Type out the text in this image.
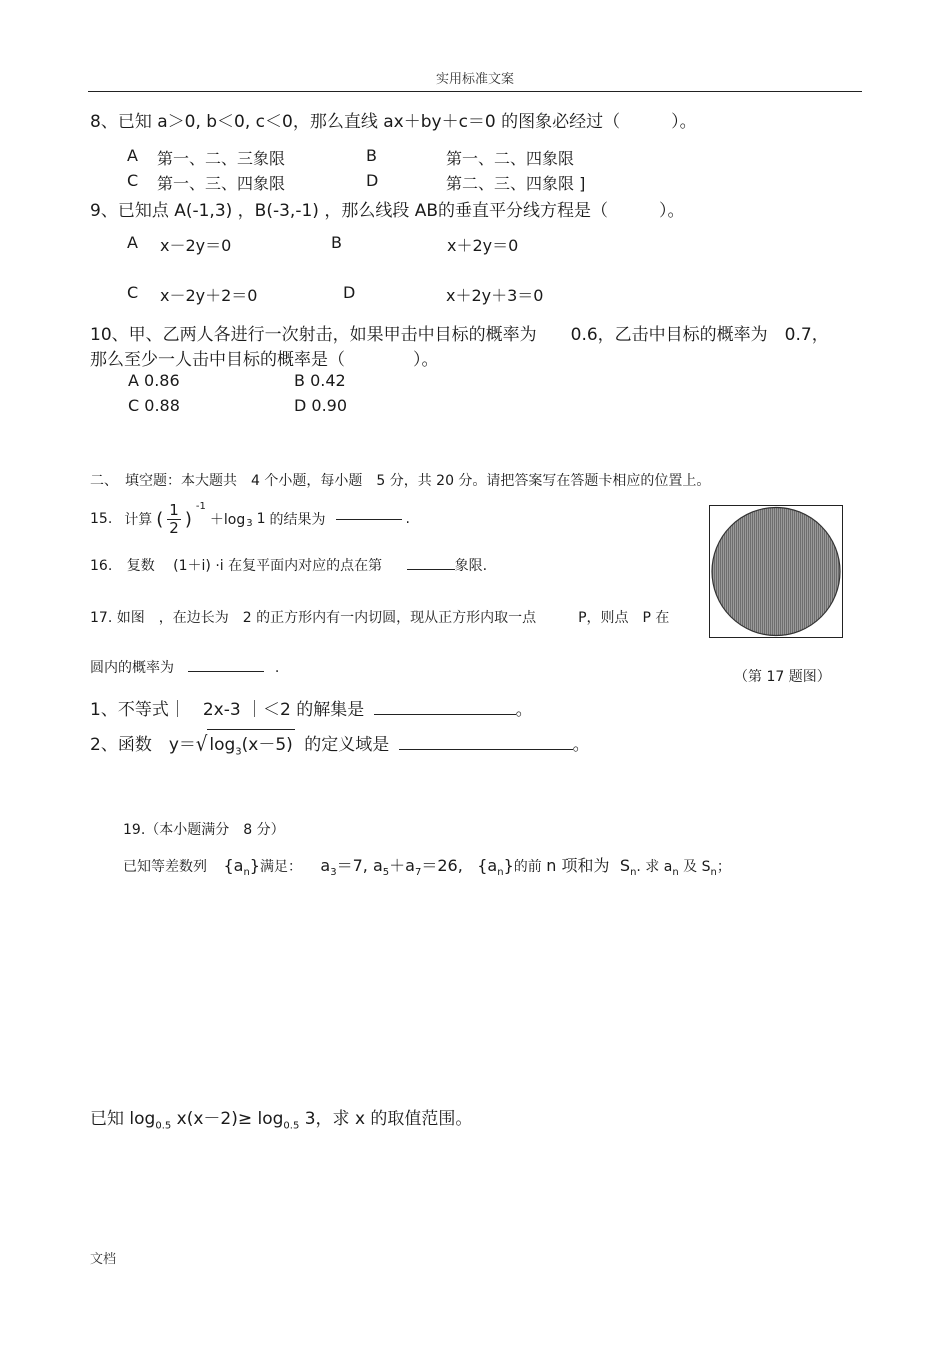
实用标准文案
8、已知 a＞0, b＜0, c＜0，那么直线 ax＋by＋c＝0 的图象必经过（　　　）。
A 第一、二、三象限	B	第一、二、四象限
C 第一、三、四象限	D	第二、三、四象限 ]
9、已知点 A(-1,3) ，B(-3,-1) ，那么线段 AB的垂直平分线方程是（　　　）。
A x－2y＝0	B	x＋2y＝0
C x－2y＋2＝0	D	x＋2y＋3＝0
10、甲、乙两人各进行一次射击，如果甲击中目标的概率为　　0.6，乙击中目标的概率为　0.7，
那么至少一人击中目标的概率是（　　　　）。
A 0.86	B 0.42
C 0.88	D 0.90
二、　填空题：本大题共　4 个小题，每小题　5 分，共 20 分。请把答案写在答题卡相应的位置上。
15. 计算 ( $\frac{1}{2}$ )
$^{-1}$
$+\log_3$ 1 的结果为	.
16. 复数 (1＋i) ·i 在复平面内对应的点在第	象限.
17. 如图　，在边长为　2 的正方形内有一内切圆，现从正方形内取一点　　　P，则点　P 在
圆内的概率为	.
（第 17 题图）
1、不等式｜　2x-3 ｜＜2 的解集是	。
2、函数　y＝√ $\log_3(x-5)$ 的定义域是	。
19.（本小题满分　8 分）
已知等差数列 $\{a_n\}$满足： $a_3=7$, $a_5+a_7=26$, $\{a_n\}$的前 n 项和为 $S_n$. 求 $a_n$ 及 $S_n$；
已知 $\log_{0.5} x(x-2)\ge \log_{0.5} 3$，求 x 的取值范围。
文档
